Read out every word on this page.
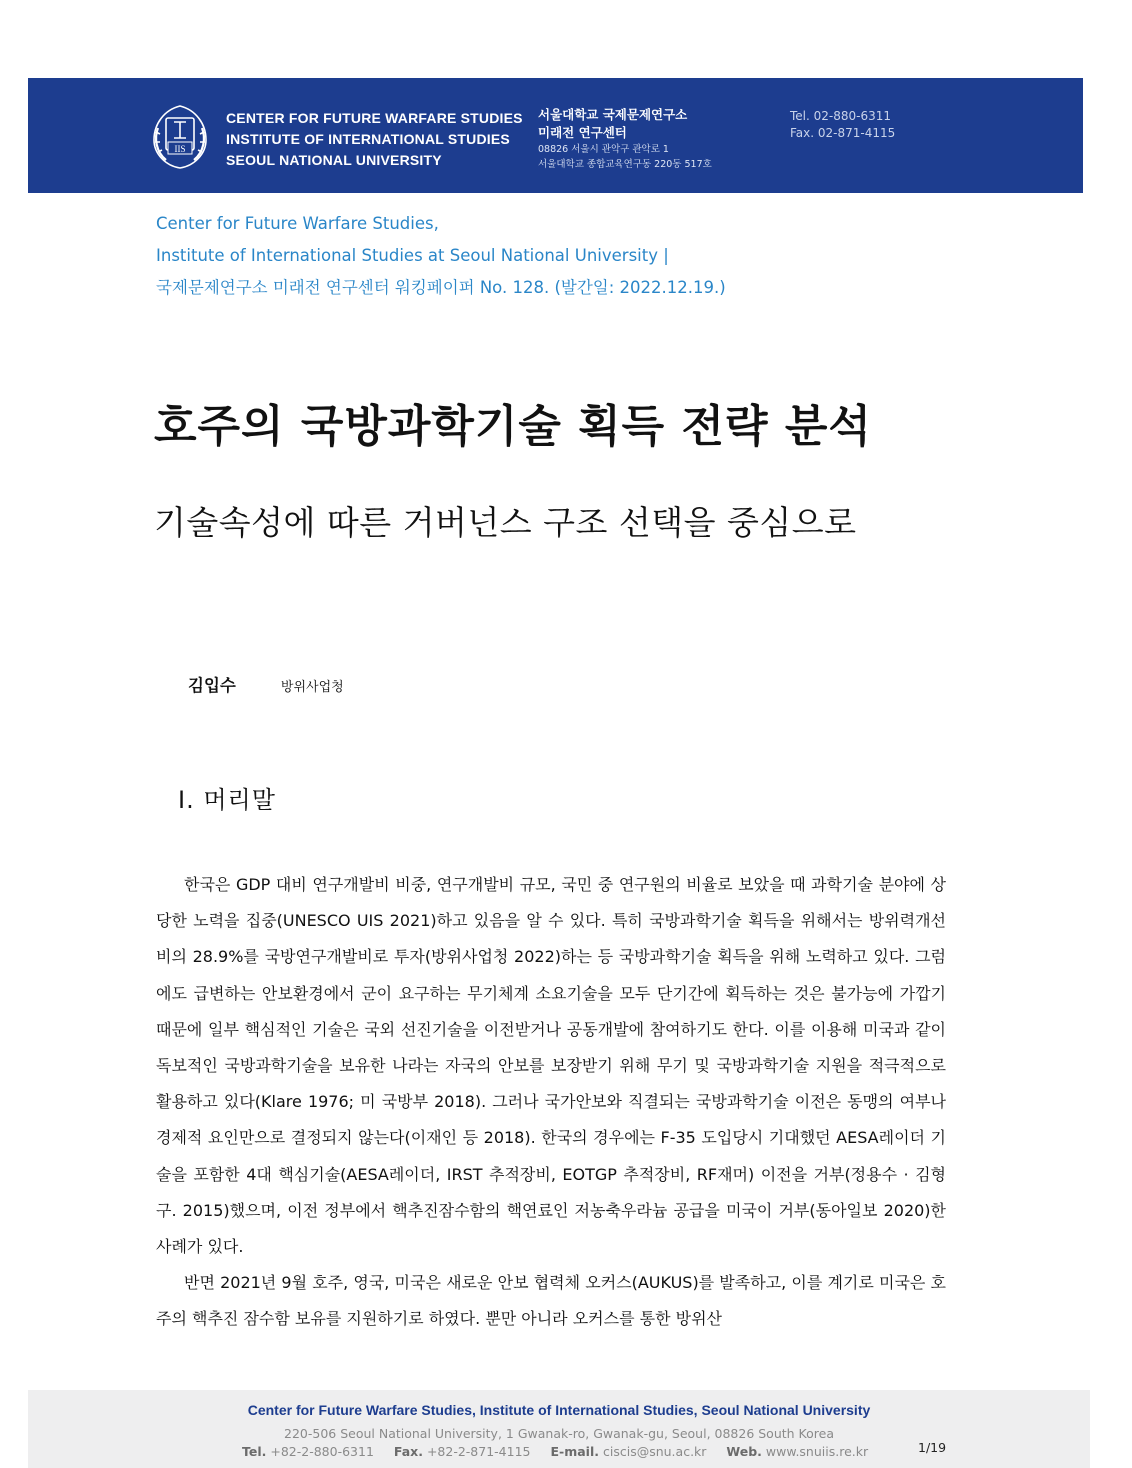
IIS
CENTER FOR FUTURE WARFARE STUDIES
INSTITUTE OF INTERNATIONAL STUDIES
SEOUL NATIONAL UNIVERSITY
서울대학교 국제문제연구소
미래전 연구센터
08826 서울시 관악구 관악로 1
서울대학교 종합교육연구동 220동 517호
Tel. 02-880-6311
Fax. 02-871-4115
Center for Future Warfare Studies,
Institute of International Studies at Seoul National University |
국제문제연구소 미래전 연구센터 워킹페이퍼 No. 128. (발간일: 2022.12.19.)
호주의 국방과학기술 획득 전략 분석
기술속성에 따른 거버넌스 구조 선택을 중심으로
김입수	방위사업청
Ⅰ. 머리말

한국은 GDP 대비 연구개발비 비중, 연구개발비 규모, 국민 중 연구원의 비율로 보았을 때 과학기술 분야에 상당한 노력을 집중(UNESCO UIS 2021)하고 있음을 알 수 있다. 특히 국방과학기술 획득을 위해서는 방위력개선비의 28.9%를 국방연구개발비로 투자(방위사업청 2022)하는 등 국방과학기술 획득을 위해 노력하고 있다. 그럼에도 급변하는 안보환경에서 군이 요구하는 무기체계 소요기술을 모두 단기간에 획득하는 것은 불가능에 가깝기 때문에 일부 핵심적인 기술은 국외 선진기술을 이전받거나 공동개발에 참여하기도 한다. 이를 이용해 미국과 같이 독보적인 국방과학기술을 보유한 나라는 자국의 안보를 보장받기 위해 무기 및 국방과학기술 지원을 적극적으로 활용하고 있다(Klare 1976; 미 국방부 2018). 그러나 국가안보와 직결되는 국방과학기술 이전은 동맹의 여부나 경제적 요인만으로 결정되지 않는다(이재인 등 2018). 한국의 경우에는 F-35 도입당시 기대했던 AESA레이더 기술을 포함한 4대 핵심기술(AESA레이더, IRST 추적장비, EOTGP 추적장비, RF재머) 이전을 거부(정용수 · 김형구. 2015)했으며, 이전 정부에서 핵추진잠수함의 핵연료인 저농축우라늄 공급을 미국이 거부(동아일보 2020)한 사례가 있다.

반면 2021년 9월 호주, 영국, 미국은 새로운 안보 협력체 오커스(AUKUS)를 발족하고, 이를 계기로 미국은 호주의 핵추진 잠수함 보유를 지원하기로 하였다. 뿐만 아니라 오커스를 통한 방위산

Center for Future Warfare Studies, Institute of International Studies, Seoul National University
220-506 Seoul National University, 1 Gwanak-ro, Gwanak-gu, Seoul, 08826 South Korea
Tel. +82-2-880-6311 Fax. +82-2-871-4115 E-mail. ciscis@snu.ac.kr Web. www.snuiis.re.kr	1/19
